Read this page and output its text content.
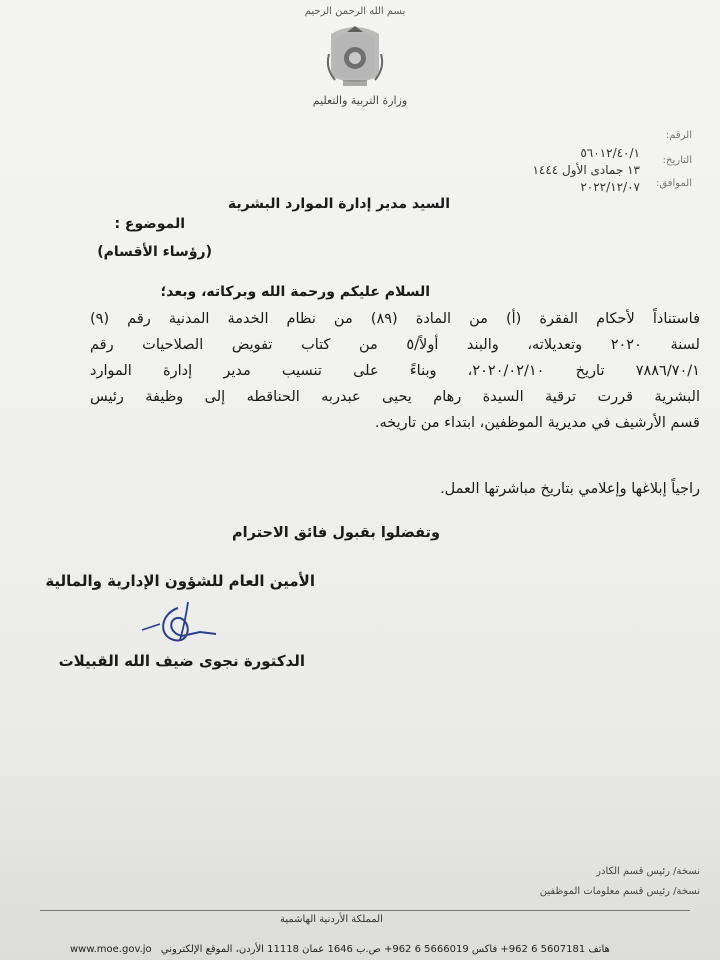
بسم الله الرحمن الرحيم
وزارة التربية والتعليم
الرقم:
٥٦٠١٢/٤٠/١
التاريخ:
١٣ جمادى الأول ١٤٤٤
الموافق:
٢٠٢٢/١٢/٠٧
السيد مدير إدارة الموارد البشرية
الموضوع :
(رؤساء الأقسام)
السلام عليكم ورحمة الله وبركاته، وبعد؛
فاستناداً لأحكام الفقرة (أ) من المادة (٨٩) من نظام الخدمة المدنية رقم (٩)
لسنة ٢٠٢٠ وتعديلاته، والبند أولاً/٥ من كتاب تفويض الصلاحيات رقم
٧٨٨٦/٧٠/١ تاريخ ٢٠٢٠/٠٢/١٠، وبناءً على تنسيب مدير إدارة الموارد
البشرية قررت ترقية السيدة رهام يحيى عبدربه الحناقطه إلى وظيفة رئيس
قسم الأرشيف في مديرية الموظفين، ابتداء من تاريخه.
راجياً إبلاغها وإعلامي بتاريخ مباشرتها العمل.
وتفضلوا بقبول فائق الاحترام
الأمين العام للشؤون الإدارية والمالية
الدكتورة نجوى ضيف الله القبيلات
نسخة/ رئيس قسم الكادر
نسخة/ رئيس قسم معلومات الموظفين
المملكة الأردنية الهاشمية
www.moe.gov.jo هاتف 5607181 6 962+ فاكس 5666019 6 962+ ص.ب 1646 عمان 11118 الأردن، الموقع الإلكتروني
